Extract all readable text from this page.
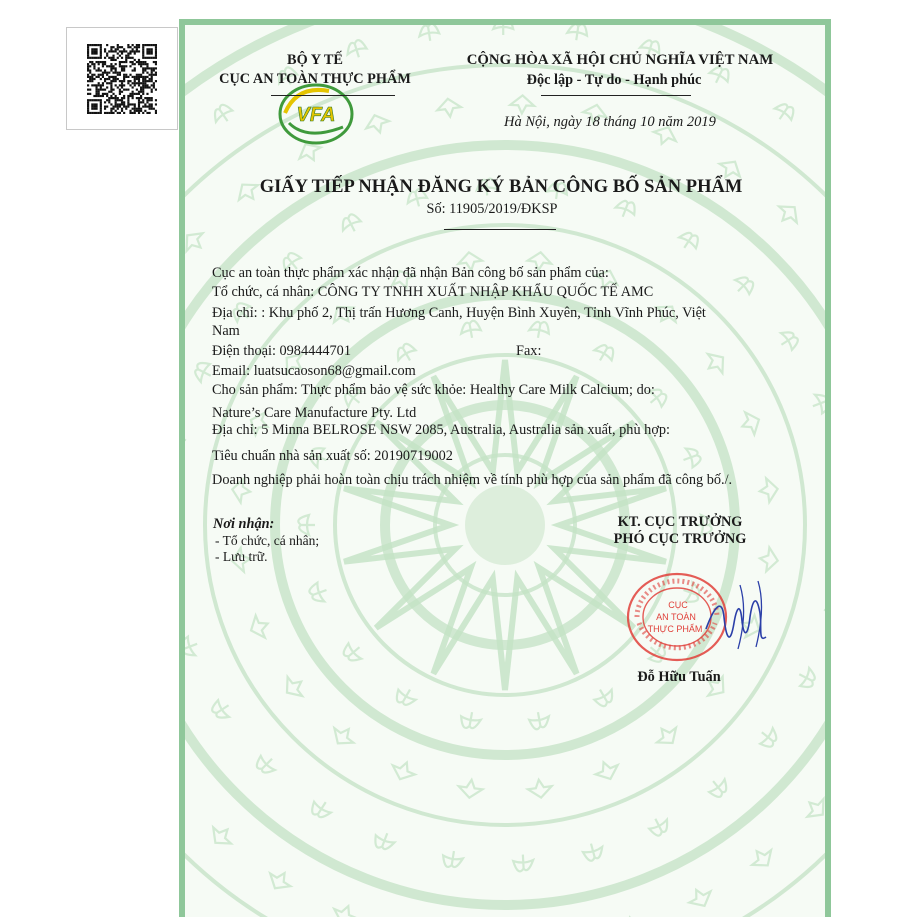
VFA
BỘ Y TẾ
CỤC AN TOÀN THỰC PHẨM
CỘNG HÒA XÃ HỘI CHỦ NGHĨA VIỆT NAM
Độc lập - Tự do - Hạnh phúc
Hà Nội, ngày 18 tháng 10 năm 2019
GIẤY TIẾP NHẬN ĐĂNG KÝ BẢN CÔNG BỐ SẢN PHẨM
Số: 11905/2019/ĐKSP
Cục an toàn thực phẩm xác nhận đã nhận Bản công bố sản phẩm của:
Tổ chức, cá nhân: CÔNG TY TNHH XUẤT NHẬP KHẨU QUỐC TẾ AMC
Địa chỉ: : Khu phố 2, Thị trấn Hương Canh, Huyện Bình Xuyên, Tỉnh Vĩnh Phúc, Việt
Nam
Điện thoại: 0984444701	Fax:
Email: luatsucaoson68@gmail.com
Cho sản phẩm: Thực phẩm bảo vệ sức khỏe: Healthy Care Milk Calcium; do:
Nature’s Care Manufacture Pty. Ltd
Địa chỉ: 5 Minna BELROSE NSW 2085, Australia, Australia sản xuất, phù hợp:
Tiêu chuẩn nhà sản xuất số: 20190719002
Doanh nghiệp phải hoàn toàn chịu trách nhiệm về tính phù hợp của sản phẩm đã công bố./.
Nơi nhận:
- Tổ chức, cá nhân;
- Lưu trữ.
KT. CỤC TRƯỞNG
PHÓ CỤC TRƯỞNG
CỤC
AN TOÀN
THỰC PHẨM
Đỗ Hữu Tuấn
